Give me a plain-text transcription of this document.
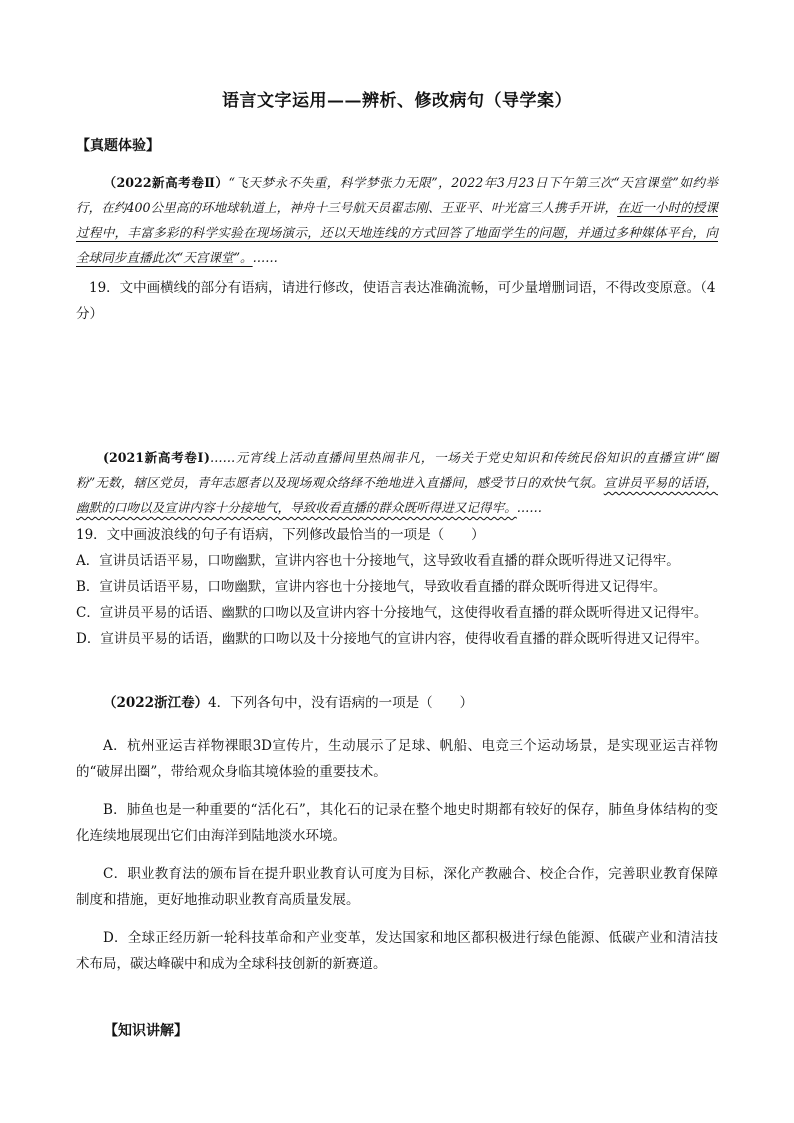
语言文字运用——辨析、修改病句（导学案）
【真题体验】
（2022新高考卷Ⅱ）“飞天梦永不失重，科学梦张力无限”，2022年3月23日下午第三次“天宫课堂”如约举行，在约400公里高的环地球轨道上，神舟十三号航天员翟志刚、王亚平、叶光富三人携手开讲，在近一小时的授课过程中，丰富多彩的科学实验在现场演示，还以天地连线的方式回答了地面学生的问题，并通过多种媒体平台，向全球同步直播此次“天宫课堂”。……
19．文中画横线的部分有语病，请进行修改，使语言表达准确流畅，可少量增删词语，不得改变原意。（4分）
(2021新高考卷Ⅰ)……元宵线上活动直播间里热闹非凡，一场关于党史知识和传统民俗知识的直播宣讲“圈粉”无数，辖区党员，青年志愿者以及现场观众络绎不绝地进入直播间，感受节日的欢快气氛。宣讲员平易的话语，幽默的口吻以及宣讲内容十分接地气，导致收看直播的群众既听得进又记得牢。……
19．文中画波浪线的句子有语病，下列修改最恰当的一项是（　　）
A．宣讲员话语平易，口吻幽默，宣讲内容也十分接地气，这导致收看直播的群众既听得进又记得牢。
B．宣讲员话语平易，口吻幽默，宣讲内容也十分接地气，导致收看直播的群众既听得进又记得牢。
C．宣讲员平易的话语、幽默的口吻以及宣讲内容十分接地气，这使得收看直播的群众既听得进又记得牢。
D．宣讲员平易的话语，幽默的口吻以及十分接地气的宣讲内容，使得收看直播的群众既听得进又记得牢。
（2022浙江卷）4．下列各句中，没有语病的一项是（　　）
A．杭州亚运吉祥物裸眼3D宣传片，生动展示了足球、帆船、电竞三个运动场景，是实现亚运吉祥物的“破屏出圈”，带给观众身临其境体验的重要技术。
B．肺鱼也是一种重要的“活化石”，其化石的记录在整个地史时期都有较好的保存，肺鱼身体结构的变化连续地展现出它们由海洋到陆地淡水环境。
C．职业教育法的颁布旨在提升职业教育认可度为目标，深化产教融合、校企合作，完善职业教育保障制度和措施，更好地推动职业教育高质量发展。
D．全球正经历新一轮科技革命和产业变革，发达国家和地区都积极进行绿色能源、低碳产业和清洁技术布局，碳达峰碳中和成为全球科技创新的新赛道。
【知识讲解】
